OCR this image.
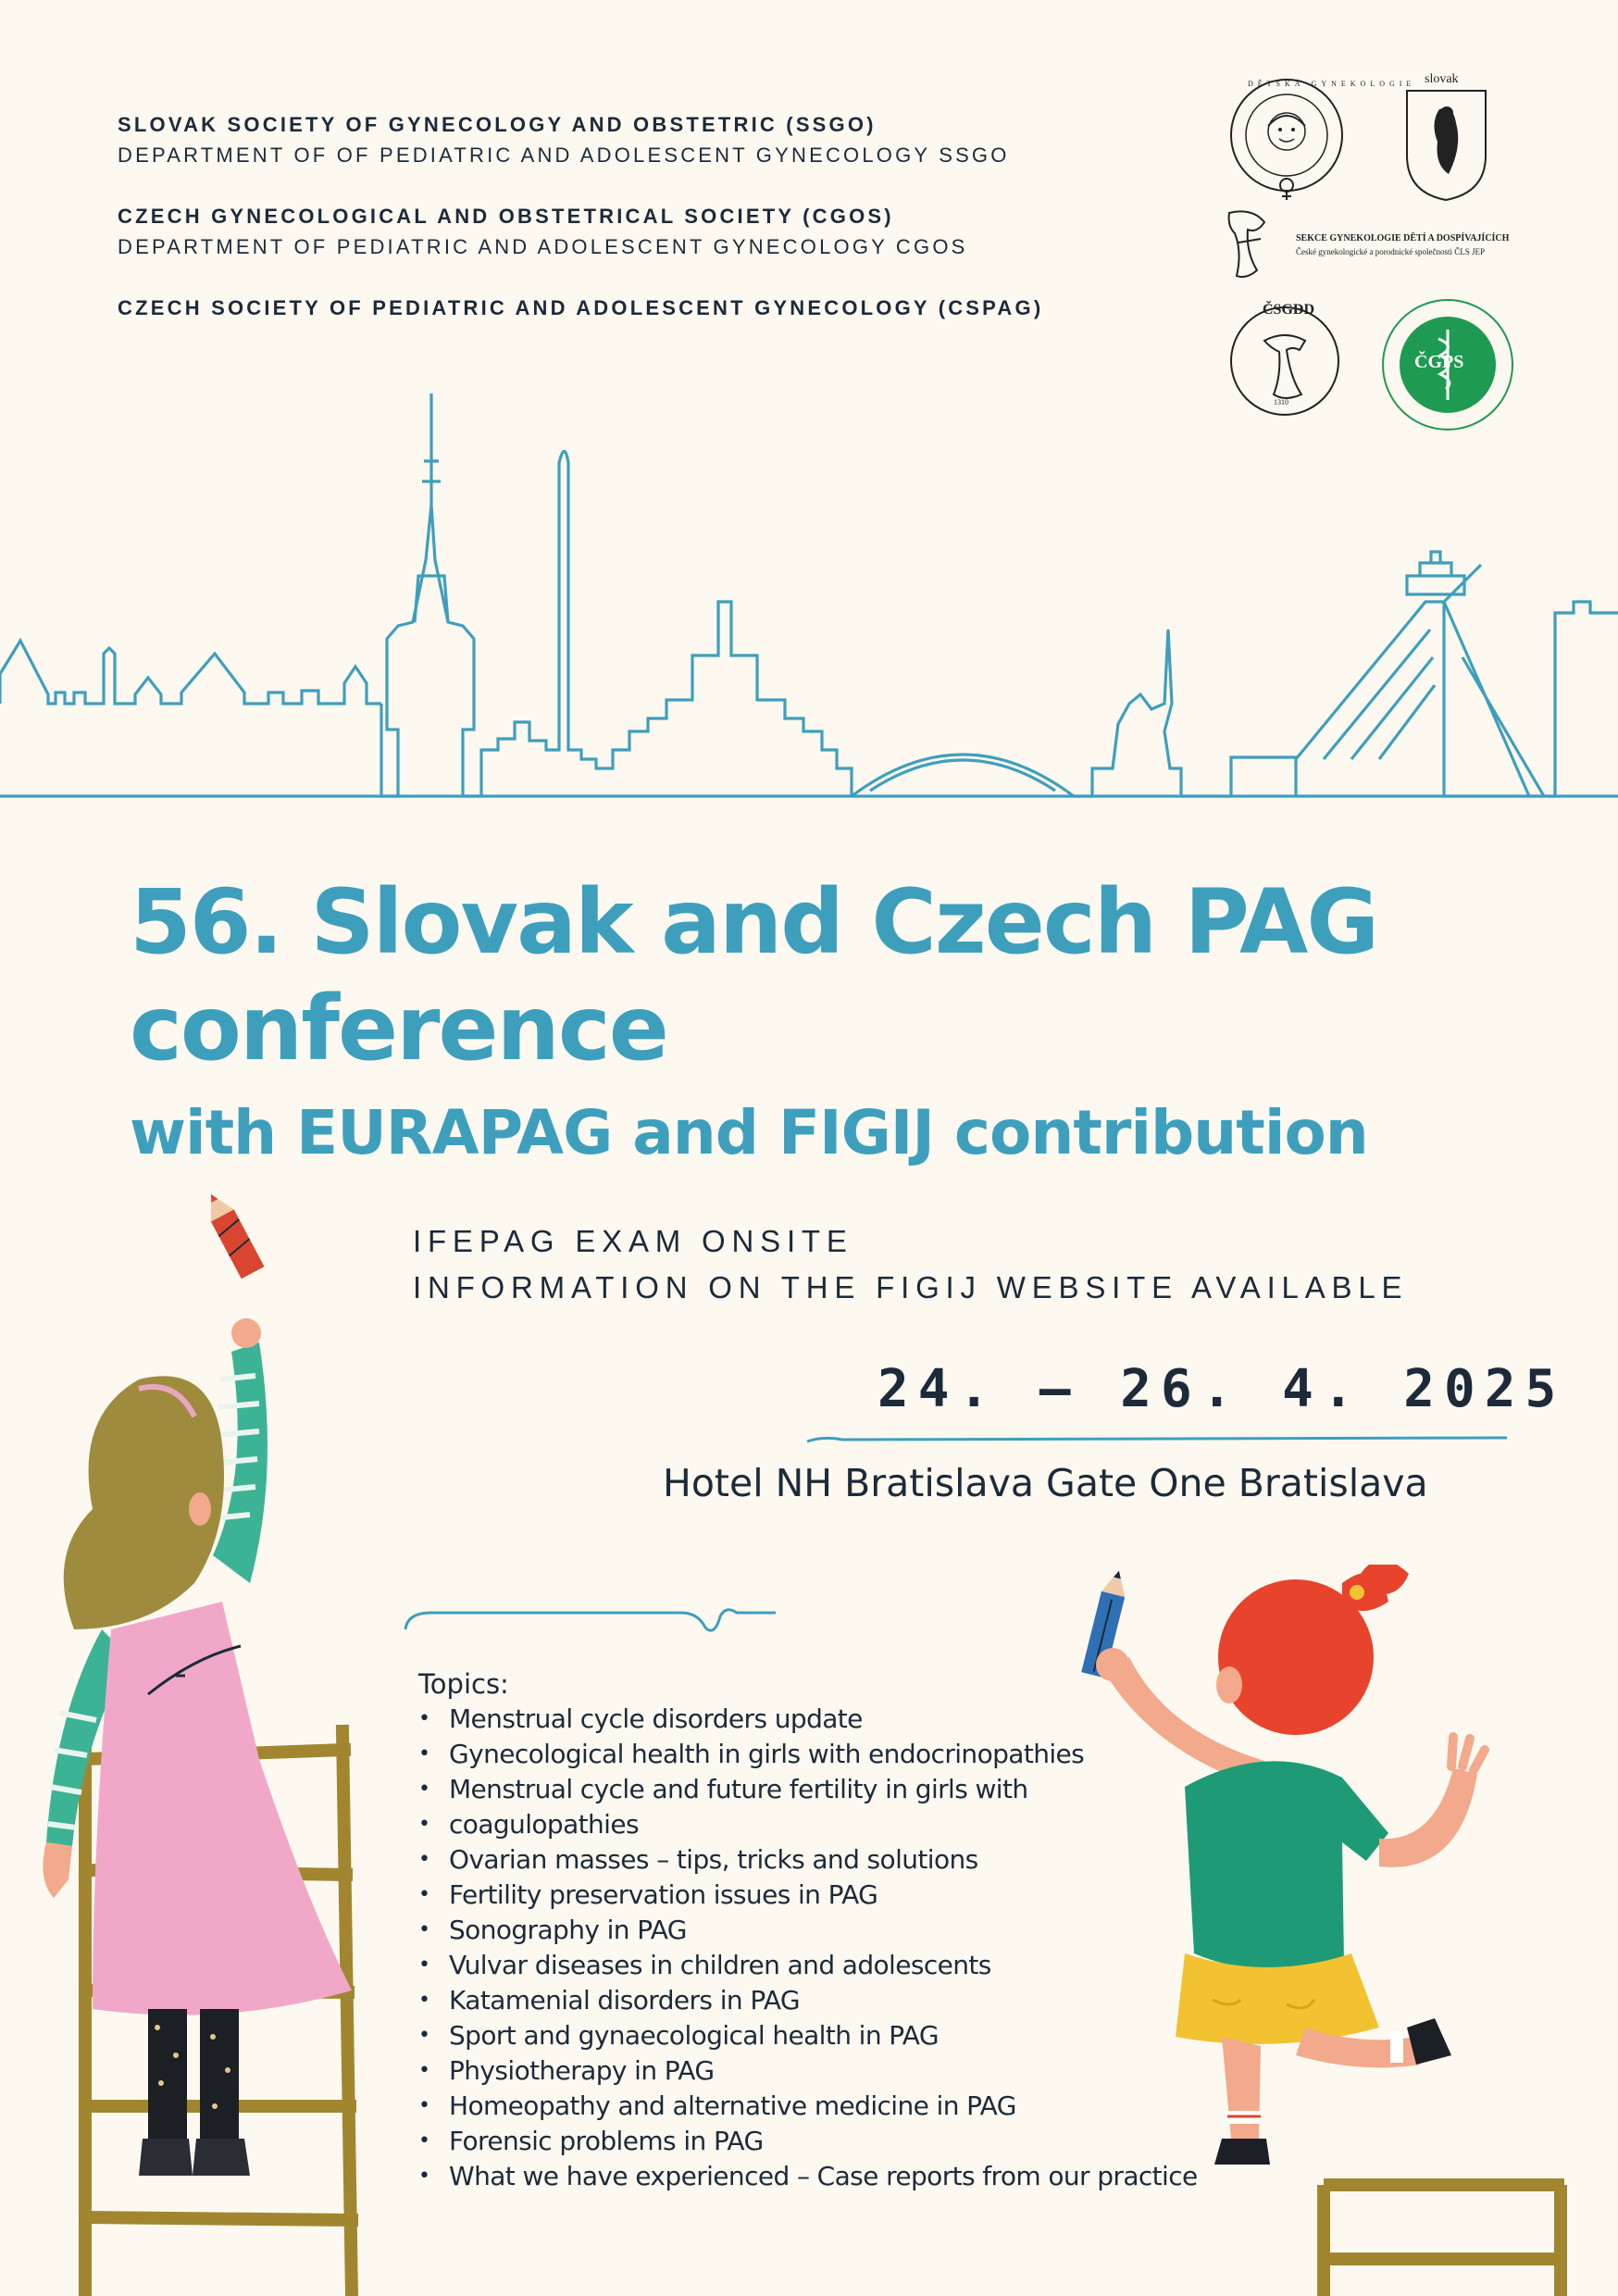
SLOVAK SOCIETY OF GYNECOLOGY AND OBSTETRIC (SSGO)
DEPARTMENT OF OF PEDIATRIC AND ADOLESCENT GYNECOLOGY SSGO
CZECH GYNECOLOGICAL AND OBSTETRICAL SOCIETY (CGOS)
DEPARTMENT OF PEDIATRIC AND ADOLESCENT GYNECOLOGY CGOS
CZECH SOCIETY OF PEDIATRIC AND ADOLESCENT GYNECOLOGY (CSPAG)
DĚTSKÁ GYNEKOLOGIE slovak
SEKCE GYNEKOLOGIE DĚTÍ A DOSPÍVAJÍCÍCH
České gynekologické a porodnické společnosti ČLS JEP
ČSGDD
1310
ČGPS
56. Slovak and Czech PAG
conference
with EURAPAG and FIGIJ contribution
IFEPAG EXAM ONSITE
INFORMATION ON THE FIGIJ WEBSITE AVAILABLE
24. – 26. 4. 2025
Hotel NH Bratislava Gate One Bratislava
Topics:
• Menstrual cycle disorders update
• Gynecological health in girls with endocrinopathies
• Menstrual cycle and future fertility in girls with
• coagulopathies
• Ovarian masses – tips, tricks and solutions
• Fertility preservation issues in PAG
• Sonography in PAG
• Vulvar diseases in children and adolescents
• Katamenial disorders in PAG
• Sport and gynaecological health in PAG
• Physiotherapy in PAG
• Homeopathy and alternative medicine in PAG
• Forensic problems in PAG
• What we have experienced – Case reports from our practice
